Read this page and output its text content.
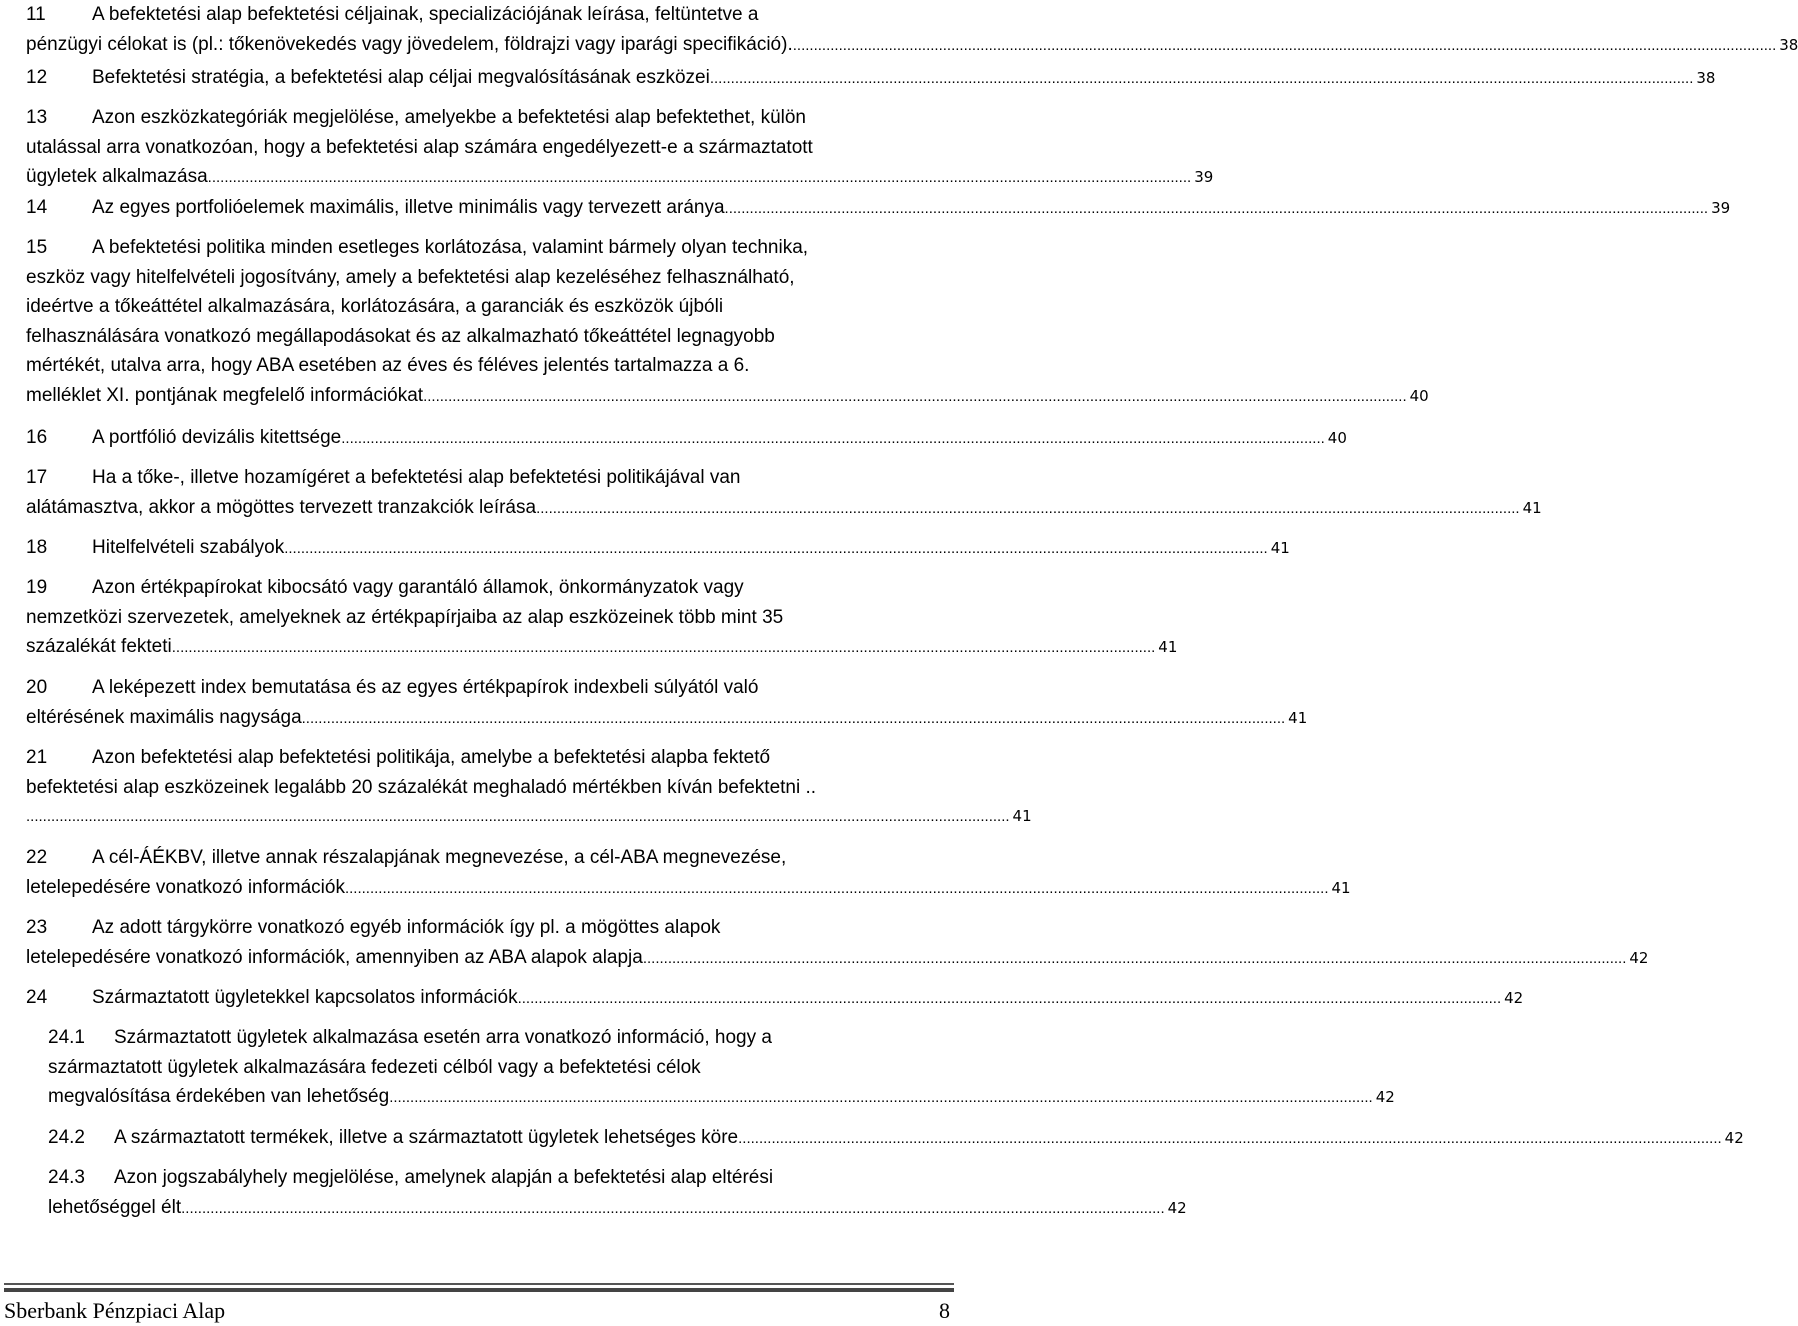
11 A befektetési alap befektetési céljainak, specializációjának leírása, feltüntetve a
pénzügyi célokat is (pl.: tőkenövekedés vagy jövedelem, földrajzi vagy iparági specifikáció). .....	38
12 Befektetési stratégia, a befektetési alap céljai megvalósításának eszközei .....	38
13 Azon eszközkategóriák megjelölése, amelyekbe a befektetési alap befektethet, külön
utalással arra vonatkozóan, hogy a befektetési alap számára engedélyezett-e a származtatott
ügyletek alkalmazása .....	39
14 Az egyes portfolióelemek maximális, illetve minimális vagy tervezett aránya .....	39
15 A befektetési politika minden esetleges korlátozása, valamint bármely olyan technika,
eszköz vagy hitelfelvételi jogosítvány, amely a befektetési alap kezeléséhez felhasználható,
ideértve a tőkeáttétel alkalmazására, korlátozására, a garanciák és eszközök újbóli
felhasználására vonatkozó megállapodásokat és az alkalmazható tőkeáttétel legnagyobb
mértékét, utalva arra, hogy ABA esetében az éves és féléves jelentés tartalmazza a 6.
melléklet XI. pontjának megfelelő információkat .....	40
16 A portfólió devizális kitettsége .....	40
17 Ha a tőke-, illetve hozamígéret a befektetési alap befektetési politikájával van
alátámasztva, akkor a mögöttes tervezett tranzakciók leírása .....	41
18 Hitelfelvételi szabályok .....	41
19 Azon értékpapírokat kibocsátó vagy garantáló államok, önkormányzatok vagy
nemzetközi szervezetek, amelyeknek az értékpapírjaiba az alap eszközeinek több mint 35
százalékát fekteti .....	41
20 A leképezett index bemutatása és az egyes értékpapírok indexbeli súlyától való
eltérésének maximális nagysága .....	41
21 Azon befektetési alap befektetési politikája, amelybe a befektetési alapba fektető
befektetési alap eszközeinek legalább 20 százalékát meghaladó mértékben kíván befektetni ..
.....
41
22 A cél-ÁÉKBV, illetve annak részalapjának megnevezése, a cél-ABA megnevezése,
letelepedésére vonatkozó információk .....	41
23 Az adott tárgykörre vonatkozó egyéb információk így pl. a mögöttes alapok
letelepedésére vonatkozó információk, amennyiben az ABA alapok alapja .....	42
24 Származtatott ügyletekkel kapcsolatos információk .....	42
24.1 Származtatott ügyletek alkalmazása esetén arra vonatkozó információ, hogy a
származtatott ügyletek alkalmazására fedezeti célból vagy a befektetési célok
megvalósítása érdekében van lehetőség .....	42
24.2 A származtatott termékek, illetve a származtatott ügyletek lehetséges köre .....	42
24.3 Azon jogszabályhely megjelölése, amelynek alapján a befektetési alap eltérési
lehetőséggel élt .....	42
Sberbank Pénzpiaci Alap	8
